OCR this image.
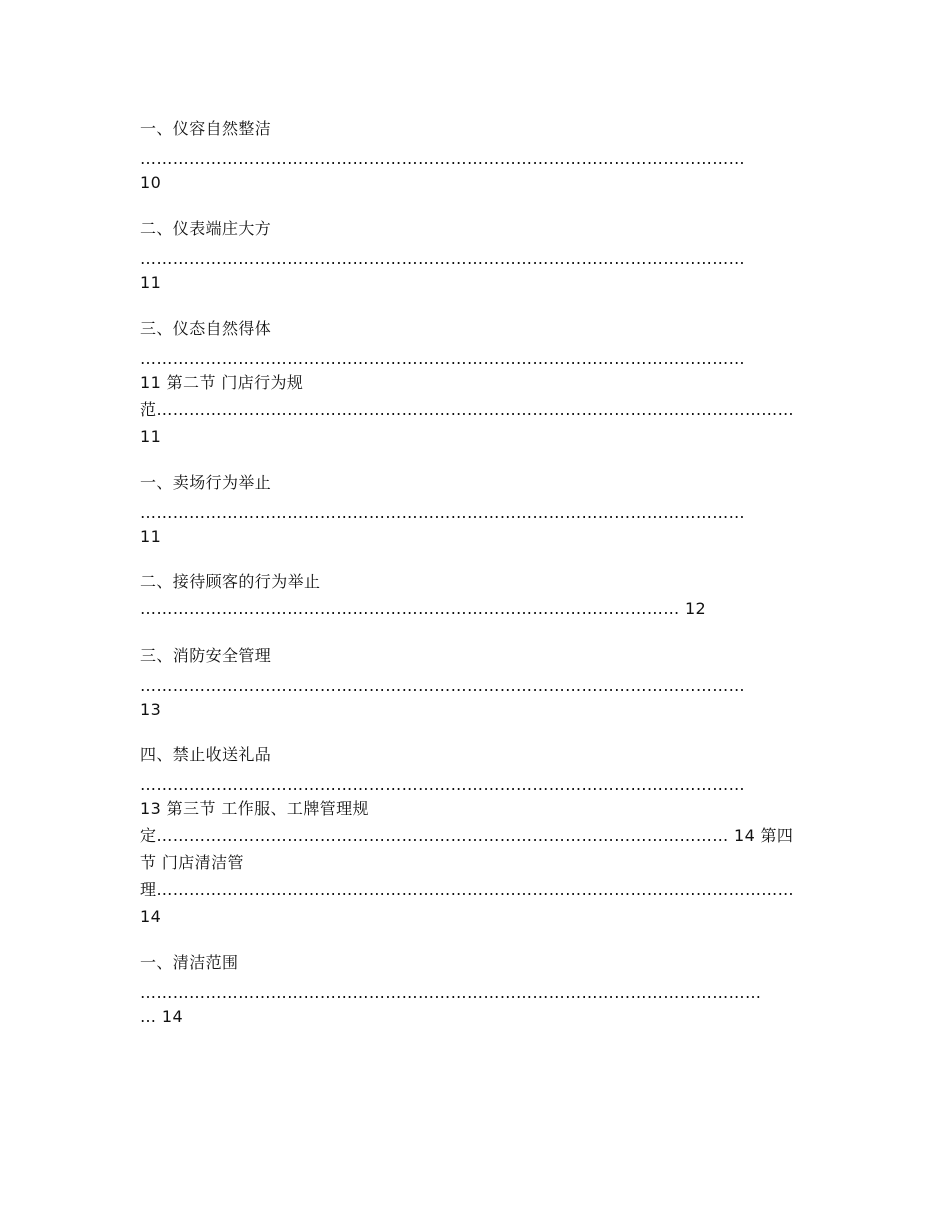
一、仪容自然整洁
…………………………………………………………………………………………………
10
二、仪表端庄大方
…………………………………………………………………………………………………
11
三、仪态自然得体
…………………………………………………………………………………………………
11 第二节 门店行为规
范………………………………………………………………………………………………………
11
一、卖场行为举止
…………………………………………………………………………………………………
11
二、接待顾客的行为举止
……………………………………………………………………………………… 12
三、消防安全管理
…………………………………………………………………………………………………
13
四、禁止收送礼品
…………………………………………………………………………………………………
13 第三节 工作服、工牌管理规
定…………………………………………………………………………………………… 14 第四
节 门店清洁管
理………………………………………………………………………………………………………
14
一、清洁范围
……………………………………………………………………………………………………
… 14
